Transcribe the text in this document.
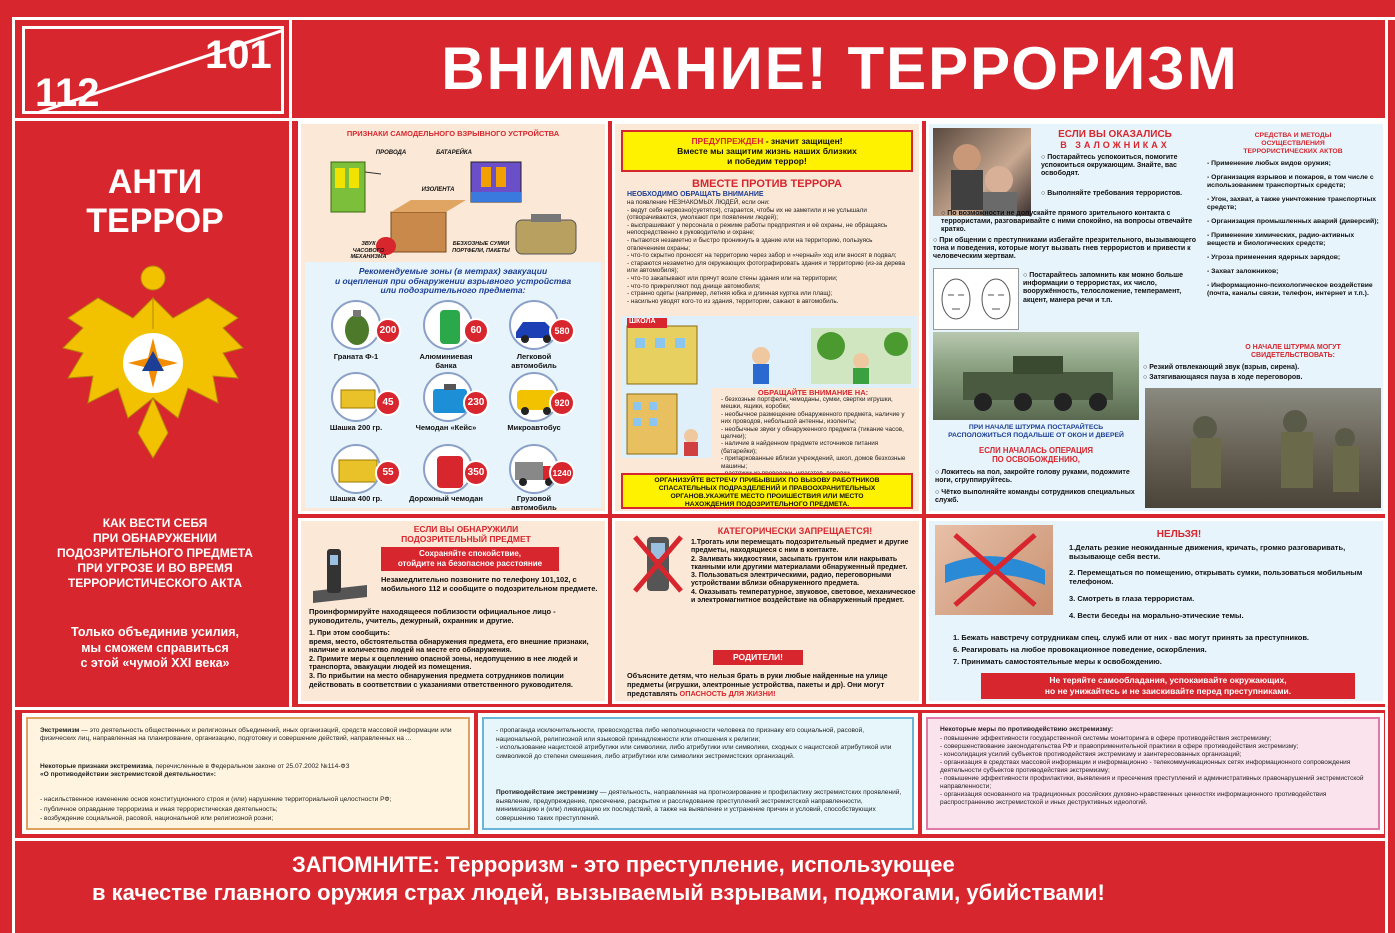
112
101	ВНИМАНИЕ! ТЕРРОРИЗМ
АНТИ
ТЕРРОР
КАК ВЕСТИ СЕБЯ
ПРИ ОБНАРУЖЕНИИ
ПОДОЗРИТЕЛЬНОГО ПРЕДМЕТА
ПРИ УГРОЗЕ И ВО ВРЕМЯ
ТЕРРОРИСТИЧЕСКОГО АКТА
Только объединив усилия,
мы сможем справиться
с этой «чумой XXI века»
ПРИЗНАКИ САМОДЕЛЬНОГО ВЗРЫВНОГО УСТРОЙСТВА
ПРОВОДА	БАТАРЕЙКА
ИЗОЛЕНТА
ЗВУК ЧАСОВОГО МЕХАНИЗМА
БЕЗХОЗНЫЕ СУМКИ ПОРТФЕЛИ, ПАКЕТЫ
Рекомендуемые зоны (в метрах) эвакуации
и оцепления при обнаружении взрывного устройства
или подозрительного предмета:
200
Граната Ф-1
60
Алюминиевая банка
580
Легковой автомобиль
45
Шашка 200 гр.
230
Чемодан «Кейс»
920
Микроавтобус
55
Шашка 400 гр.
350
Дорожный чемодан
1240
Грузовой автомобиль
ПРЕДУПРЕЖДЕН - значит защищен!
Вместе мы защитим жизнь наших близких
и победим террор!
ВМЕСТЕ ПРОТИВ ТЕРРОРА
НЕОБХОДИМО ОБРАЩАТЬ ВНИМАНИЕ
на появление НЕЗНАКОМЫХ ЛЮДЕЙ, если они:
- ведут себя нервозно(суетятся), старается, чтобы их не заметили и не услышали (отворачиваются, умолкают при появлении людей);
- выспрашивают у персонала о режиме работы предприятия и её охраны, не обращаясь непосредственно к руководителю и охране;
- пытаются незаметно и быстро проникнуть в здание или на территорию, пользуясь отвлечением охраны;
- что-то скрытно проносят на территорию через забор и «черный» ход или вносят в подвал;
- стараются незаметно для окружающих фотографировать здания и территорию (из-за дерева или автомобиля);
- что-то закапывают или прячут возле стены здания или на территории;
- что-то прикрепляют под днище автомобиля;
- странно одеты (например, летняя юбка и длинная куртка или плащ);
- насильно уводят кого-то из здания, территории, сажают в автомобиль.
ШКОЛА
ОБРАЩАЙТЕ ВНИМАНИЕ НА:
- безхозные портфели, чемоданы, сумки, свертки игрушки, мешки, ящики, коробки;
- необычное размещение обнаруженного предмета, наличие у них проводов, небольшой антенны, изоленты;
- необычные звуки у обнаруженного предмета (тикание часов, щелчки);
- наличие в найденном предмете источников питания (батарейки);
- припаркованные вблизи учреждений, школ, домов безхозные машины;

ОРГАНИЗУЙТЕ ВСТРЕЧУ ПРИБЫВШИХ ПО ВЫЗОВУ РАБОТНИКОВ
СПАСАТЕЛЬНЫХ ПОДРАЗДЕЛЕНИЙ И ПРАВООХРАНИТЕЛЬНЫХ
ОРГАНОВ.УКАЖИТЕ МЕСТО ПРОИШЕСТВИЯ ИЛИ МЕСТО
НАХОЖДЕНИЯ ПОДОЗРИТЕЛЬНОГО ПРЕДМЕТА.
ЕСЛИ ВЫ ОКАЗАЛИСЬ
В ЗАЛОЖНИКАХ
○ Постарайтесь успокоиться, помогите успокоиться окружающим. Знайте, вас освободят.
○ Выполняйте требования террористов.
○ По возможности не допускайте прямого зрительного контакта с террористами, разговаривайте с ними спокойно, на вопросы отвечайте кратко.
○ При общении с преступниками избегайте презрительного, вызывающего тона и поведения, которые могут вызвать гнев террористов и привести к человеческим жертвам.
○ Постарайтесь запомнить как можно больше информации о террористах, их число, вооружённость, телосложение, темперамент, акцент, манера речи и т.п.
ПРИ НАЧАЛЕ ШТУРМА ПОСТАРАЙТЕСЬ
РАСПОЛОЖИТЬСЯ ПОДАЛЬШЕ ОТ ОКОН И ДВЕРЕЙ
ЕСЛИ НАЧАЛАСЬ ОПЕРАЦИЯ
ПО ОСВОБОЖДЕНИЮ,
○ Ложитесь на пол, закройте голову руками, подожмите ноги, сгруппируйтесь.
○ Чётко выполняйте команды сотрудников специальных служб.
СРЕДСТВА И МЕТОДЫ
ОСУЩЕСТВЛЕНИЯ
ТЕРРОРИСТИЧЕСКИХ АКТОВ
- Применение любых видов оружия;
- Организация взрывов и пожаров, в том числе с использованием транспортных средств;
- Угон, захват, а также уничтожение транспортных средств;
- Организация промышленных аварий (диверсий);
- Применение химических, радио-активных веществ и биологических средств;
- Угроза применения ядерных зарядов;
- Захват заложников;
- Информационно-психологическое воздействие (почта, каналы связи, телефон, интернет и т.п.).
О НАЧАЛЕ ШТУРМА МОГУТ
СВИДЕТЕЛЬСТВОВАТЬ:
○ Резкий отвлекающий звук (взрыв, сирена).
○ Затягивающаяся пауза в ходе переговоров.
ЕСЛИ ВЫ ОБНАРУЖИЛИ
ПОДОЗРИТЕЛЬНЫЙ ПРЕДМЕТ
Сохраняйте спокойствие,
отойдите на безопасное расстояние
Незамедлительно позвоните по телефону 101,102, с мобильного 112 и сообщите о подозрительном предмете.
Проинформируйте находящееся поблизости официальное лицо - руководитель, учитель, дежурный, охранник и другие.
1. При этом сообщить:
время, место, обстоятельства обнаружения предмета, его внешние признаки, наличие и количество людей на месте его обнаружения.
2. Примите меры к оцеплению опасной зоны, недопущению в нее людей и транспорта, эвакуации людей из помещения.
3. По прибытии на место обнаружения предмета сотрудников полиции действовать в соответствии с указаниями ответственного руководителя.
КАТЕГОРИЧЕСКИ ЗАПРЕЩАЕТСЯ!
1.Трогать или перемещать подозрительный предмет и другие предметы, находящиеся с ним в контакте.
2. Заливать жидкостями, засыпать грунтом или накрывать тканными или другими материалами обнаруженный предмет.
3. Пользоваться электрическими, радио, переговорными устройствами вблизи обнаруженного предмета.
4. Оказывать температурное, звуковое, световое, механическое и электромагнитное воздействие на обнаруженный предмет.
РОДИТЕЛИ!
Объясните детям, что нельзя брать в руки любые найденные на улице предметы (игрушки, электронные устройства, пакеты и др). Они могут представлять ОПАСНОСТЬ ДЛЯ ЖИЗНИ!
НЕЛЬЗЯ!
1.Делать резкие неожиданные движения, кричать, громко разговаривать, вызывающе себя вести.
2. Перемещаться по помещению, открывать сумки, пользоваться мобильным телефоном.
3. Смотреть в глаза террористам.
4. Вести беседы на морально-этические темы.
1. Бежать навстречу сотрудникам спец. служб или от них - вас могут принять за преступников.
6. Реагировать на любое провокационное поведение, оскорбления.
7. Принимать самостоятельные меры к освобождению.
Не теряйте самообладания, успокаивайте окружающих,
но не унижайтесь и не заискивайте перед преступниками.
Экстремизм — это деятельность общественных и религиозных объединений, иных организаций, средств массовой информации или физических лиц, направленная на планирование, организацию, подготовку и совершение действий, направленных на ...
Некоторые признаки экстремизма, перечисленные в Федеральном законе от 25.07.2002 №114-ФЗ
«О противодействии экстремистской деятельности»:
- насильственное изменение основ конституционного строя и (или) нарушение территориальной целостности РФ;
- публичное оправдание терроризма и иная террористическая деятельность;
- возбуждение социальной, расовой, национальной или религиозной розни;
- пропаганда исключительности, превосходства либо неполноценности человека по признаку его социальной, расовой, национальной, религиозной или языковой принадлежности или отношения к религии;
- использование нацистской атрибутики или символики, либо атрибутики или символики, сходных с нацистской атрибутикой или символикой до степени смешения, либо атрибутики или символики экстремистских организаций.
Противодействие экстремизму — деятельность, направленная на прогнозирование и профилактику экстремистских проявлений, выявление, предупреждение, пресечение, раскрытие и расследование преступлений экстремистской направленности, минимизацию и (или) ликвидацию их последствий, а также на выявление и устранение причин и условий, способствующих совершению таких преступлений.
Некоторые меры по противодействию экстремизму:
- повышение эффективности государственной системы мониторинга в сфере противодействия экстремизму;
- совершенствование законодательства РФ и правоприменительной практики в сфере противодействия экстремизму;
- консолидация усилий субъектов противодействия экстремизму и заинтересованных организаций;
- организация в средствах массовой информации и информационно - телекоммуникационных сетях информационного сопровождения деятельности субъектов противодействия экстремизму;
- повышение эффективности профилактики, выявления и пресечения преступлений и административных правонарушений экстремистской направленности;
- организация основанного на традиционных российских духовно-нравственных ценностях информационного противодействия распространению экстремистской и иных деструктивных идеологий.
ЗАПОМНИТЕ: Терроризм - это преступление, использующее
в качестве главного оружия страх людей, вызываемый взрывами, поджогами, убийствами!
